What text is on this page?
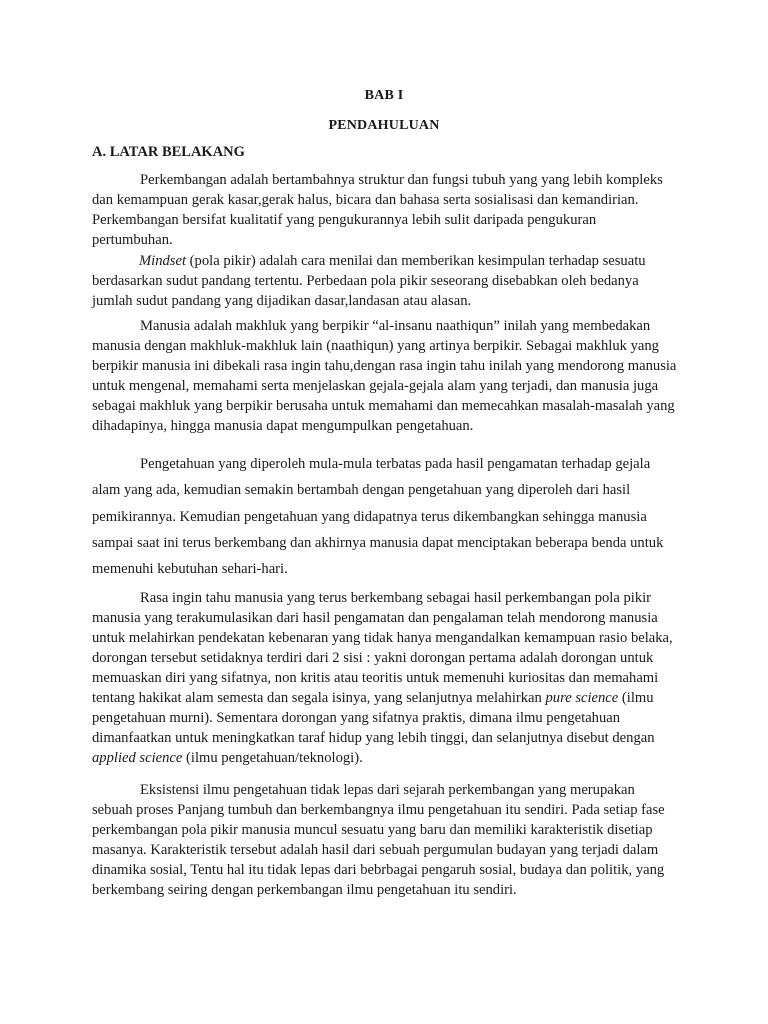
BAB I
PENDAHULUAN
A. LATAR BELAKANG

Perkembangan adalah bertambahnya struktur dan fungsi tubuh yang yang lebih kompleks dan kemampuan gerak kasar,gerak halus, bicara dan bahasa serta sosialisasi dan kemandirian. Perkembangan bersifat kualitatif yang pengukurannya lebih sulit daripada pengukuran pertumbuhan.

Mindset (pola pikir) adalah cara menilai dan memberikan kesimpulan terhadap sesuatu berdasarkan sudut pandang tertentu. Perbedaan pola pikir seseorang disebabkan oleh bedanya jumlah sudut pandang yang dijadikan dasar,landasan atau alasan.

Manusia adalah makhluk yang berpikir “al-insanu naathiqun” inilah yang membedakan manusia dengan makhluk-makhluk lain (naathiqun) yang artinya berpikir. Sebagai makhluk yang berpikir manusia ini dibekali rasa ingin tahu,dengan rasa ingin tahu inilah yang mendorong manusia untuk mengenal, memahami serta menjelaskan gejala-gejala alam yang terjadi, dan manusia juga sebagai makhluk yang berpikir berusaha untuk memahami dan memecahkan masalah-masalah yang dihadapinya, hingga manusia dapat mengumpulkan pengetahuan.

Pengetahuan yang diperoleh mula-mula terbatas pada hasil pengamatan terhadap gejala alam yang ada, kemudian semakin bertambah dengan pengetahuan yang diperoleh dari hasil pemikirannya. Kemudian pengetahuan yang didapatnya terus dikembangkan sehingga manusia sampai saat ini terus berkembang dan akhirnya manusia dapat menciptakan beberapa benda untuk memenuhi kebutuhan sehari-hari.

Rasa ingin tahu manusia yang terus berkembang sebagai hasil perkembangan pola pikir manusia yang terakumulasikan dari hasil pengamatan dan pengalaman telah mendorong manusia untuk melahirkan pendekatan kebenaran yang tidak hanya mengandalkan kemampuan rasio belaka, dorongan tersebut setidaknya terdiri dari 2 sisi : yakni dorongan pertama adalah dorongan untuk memuaskan diri yang sifatnya, non kritis atau teoritis untuk memenuhi kuriositas dan memahami tentang hakikat alam semesta dan segala isinya, yang selanjutnya melahirkan pure science (ilmu pengetahuan murni). Sementara dorongan yang sifatnya praktis, dimana ilmu pengetahuan dimanfaatkan untuk meningkatkan taraf hidup yang lebih tinggi, dan selanjutnya disebut dengan applied science (ilmu pengetahuan/teknologi).

Eksistensi ilmu pengetahuan tidak lepas dari sejarah perkembangan yang merupakan sebuah proses Panjang tumbuh dan berkembangnya ilmu pengetahuan itu sendiri. Pada setiap fase perkembangan pola pikir manusia muncul sesuatu yang baru dan memiliki karakteristik disetiap masanya. Karakteristik tersebut adalah hasil dari sebuah pergumulan budayan yang terjadi dalam dinamika sosial, Tentu hal itu tidak lepas dari bebrbagai pengaruh sosial, budaya dan politik, yang berkembang seiring dengan perkembangan ilmu pengetahuan itu sendiri.
